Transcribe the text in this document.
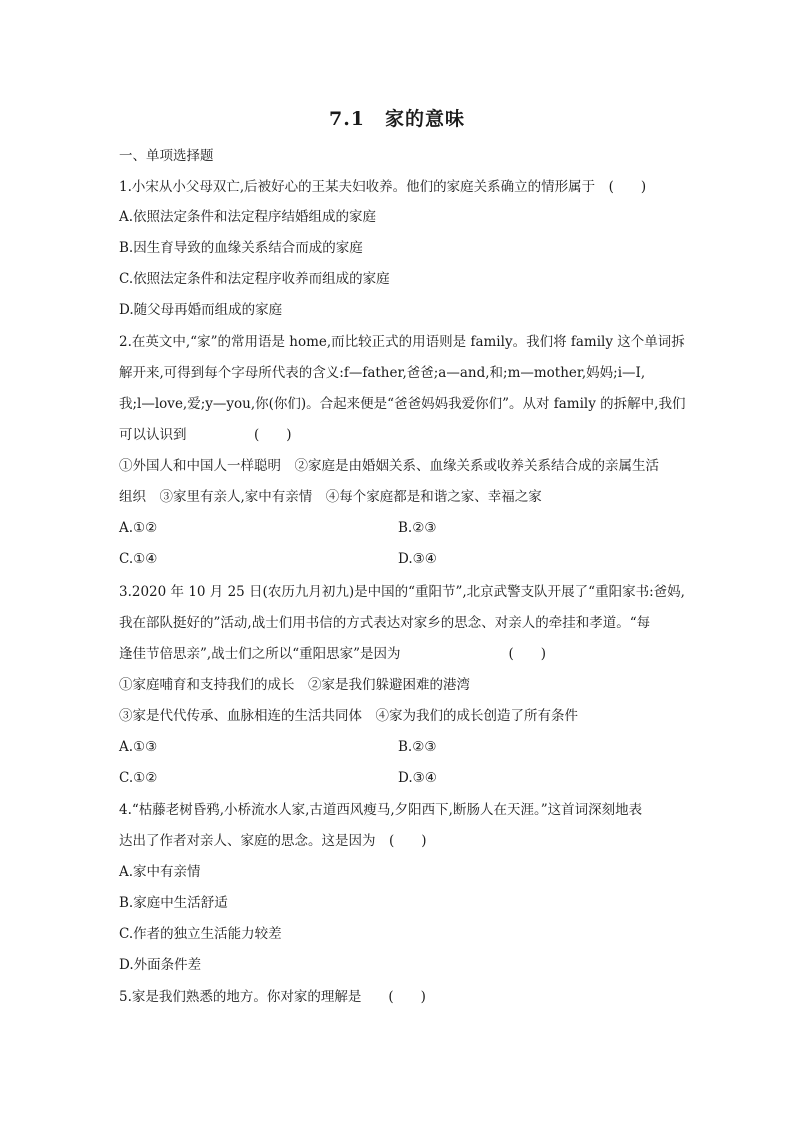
7.1　家的意味
一、单项选择题
1.小宋从小父母双亡,后被好心的王某夫妇收养。他们的家庭关系确立的情形属于　(　　)
A.依照法定条件和法定程序结婚组成的家庭
B.因生育导致的血缘关系结合而成的家庭
C.依照法定条件和法定程序收养而组成的家庭
D.随父母再婚而组成的家庭
2.在英文中,“家”的常用语是 home,而比较正式的用语则是 family。我们将 family 这个单词拆
解开来,可得到每个字母所代表的含义:f—father,爸爸;a—and,和;m—mother,妈妈;i—I,
我;l—love,爱;y—you,你(你们)。合起来便是“爸爸妈妈我爱你们”。从对 family 的拆解中,我们
可以认识到　　　　　(　　)
①外国人和中国人一样聪明　②家庭是由婚姻关系、血缘关系或收养关系结合成的亲属生活
组织　③家里有亲人,家中有亲情　④每个家庭都是和谐之家、幸福之家
A.①②	B.②③
C.①④	D.③④
3.2020 年 10 月 25 日(农历九月初九)是中国的“重阳节”,北京武警支队开展了“重阳家书:爸妈,
我在部队挺好的”活动,战士们用书信的方式表达对家乡的思念、对亲人的牵挂和孝道。“每
逢佳节倍思亲”,战士们之所以“重阳思家”是因为　　　　　　　　(　　)
①家庭哺育和支持我们的成长　②家是我们躲避困难的港湾
③家是代代传承、血脉相连的生活共同体　④家为我们的成长创造了所有条件
A.①③	B.②③
C.①②	D.③④
4.“枯藤老树昏鸦,小桥流水人家,古道西风瘦马,夕阳西下,断肠人在天涯。”这首词深刻地表
达出了作者对亲人、家庭的思念。这是因为　(　　)
A.家中有亲情
B.家庭中生活舒适
C.作者的独立生活能力较差
D.外面条件差
5.家是我们熟悉的地方。你对家的理解是　　(　　)
